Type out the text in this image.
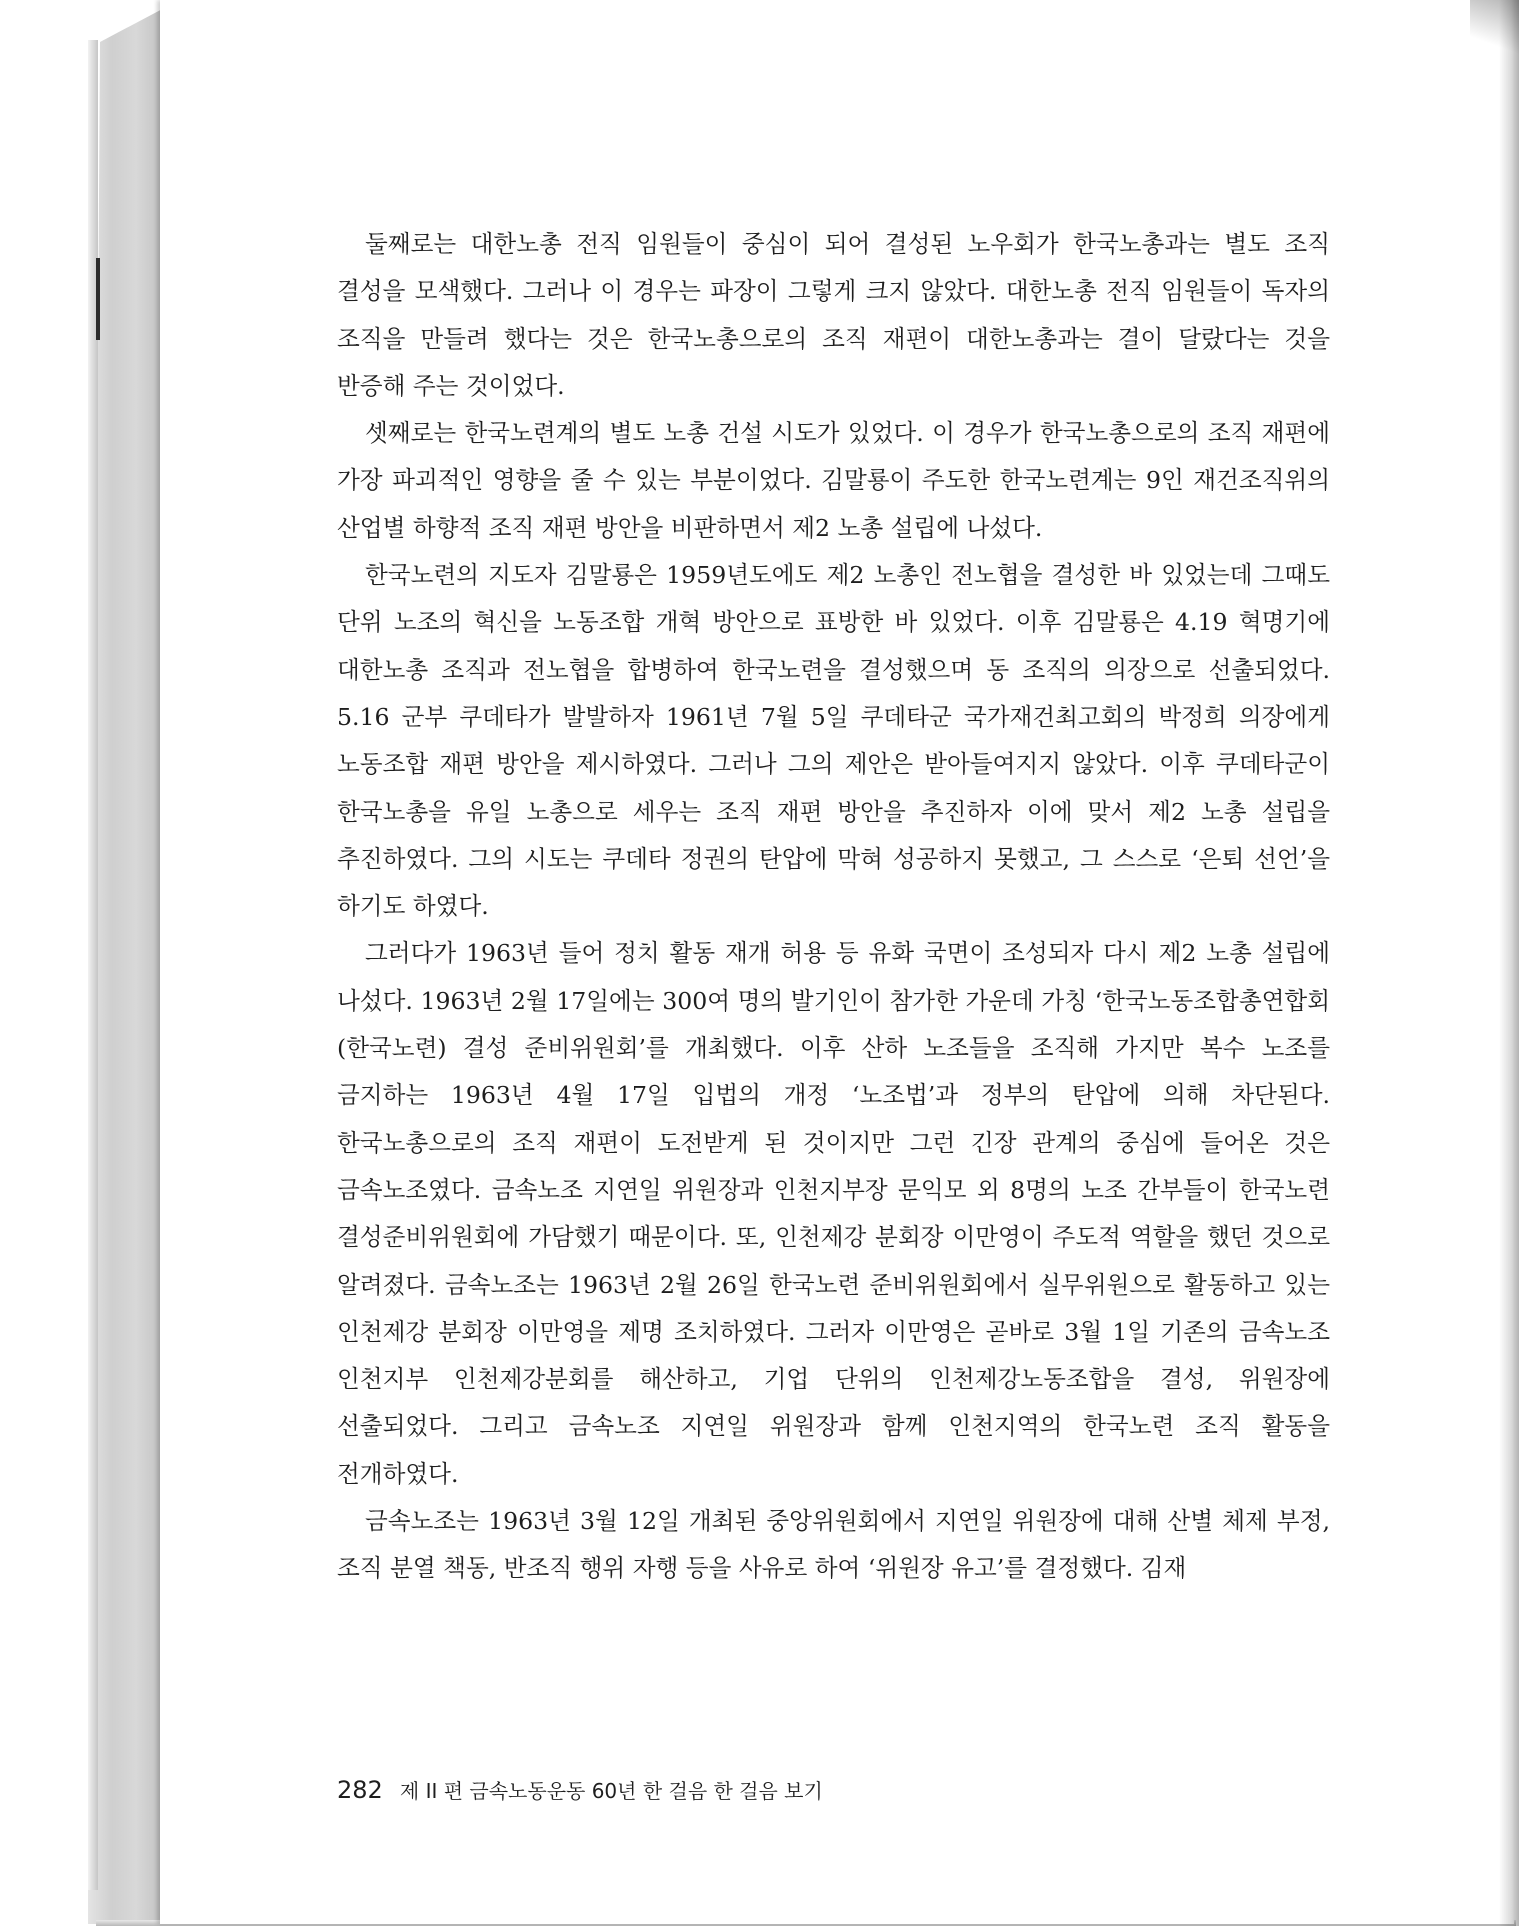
둘째로는 대한노총 전직 임원들이 중심이 되어 결성된 노우회가 한국노총과는 별도 조직 결성을 모색했다. 그러나 이 경우는 파장이 그렇게 크지 않았다. 대한노총 전직 임원들이 독자의 조직을 만들려 했다는 것은 한국노총으로의 조직 재편이 대한노총과는 결이 달랐다는 것을 반증해 주는 것이었다.

셋째로는 한국노련계의 별도 노총 건설 시도가 있었다. 이 경우가 한국노총으로의 조직 재편에 가장 파괴적인 영향을 줄 수 있는 부분이었다. 김말룡이 주도한 한국노련계는 9인 재건조직위의 산업별 하향적 조직 재편 방안을 비판하면서 제2 노총 설립에 나섰다.

한국노련의 지도자 김말룡은 1959년도에도 제2 노총인 전노협을 결성한 바 있었는데 그때도 단위 노조의 혁신을 노동조합 개혁 방안으로 표방한 바 있었다. 이후 김말룡은 4.19 혁명기에 대한노총 조직과 전노협을 합병하여 한국노련을 결성했으며 동 조직의 의장으로 선출되었다. 5.16 군부 쿠데타가 발발하자 1961년 7월 5일 쿠데타군 국가재건최고회의 박정희 의장에게 노동조합 재편 방안을 제시하였다. 그러나 그의 제안은 받아들여지지 않았다. 이후 쿠데타군이 한국노총을 유일 노총으로 세우는 조직 재편 방안을 추진하자 이에 맞서 제2 노총 설립을 추진하였다. 그의 시도는 쿠데타 정권의 탄압에 막혀 성공하지 못했고, 그 스스로 ‘은퇴 선언’을 하기도 하였다.

그러다가 1963년 들어 정치 활동 재개 허용 등 유화 국면이 조성되자 다시 제2 노총 설립에 나섰다. 1963년 2월 17일에는 300여 명의 발기인이 참가한 가운데 가칭 ‘한국노동조합총연합회(한국노련) 결성 준비위원회’를 개최했다. 이후 산하 노조들을 조직해 가지만 복수 노조를 금지하는 1963년 4월 17일 입법의 개정 ‘노조법’과 정부의 탄압에 의해 차단된다. 한국노총으로의 조직 재편이 도전받게 된 것이지만 그런 긴장 관계의 중심에 들어온 것은 금속노조였다. 금속노조 지연일 위원장과 인천지부장 문익모 외 8명의 노조 간부들이 한국노련 결성준비위원회에 가담했기 때문이다. 또, 인천제강 분회장 이만영이 주도적 역할을 했던 것으로 알려졌다. 금속노조는 1963년 2월 26일 한국노련 준비위원회에서 실무위원으로 활동하고 있는 인천제강 분회장 이만영을 제명 조치하였다. 그러자 이만영은 곧바로 3월 1일 기존의 금속노조 인천지부 인천제강분회를 해산하고, 기업 단위의 인천제강노동조합을 결성, 위원장에 선출되었다. 그리고 금속노조 지연일 위원장과 함께 인천지역의 한국노련 조직 활동을 전개하였다.

금속노조는 1963년 3월 12일 개최된 중앙위원회에서 지연일 위원장에 대해 산별 체제 부정, 조직 분열 책동, 반조직 행위 자행 등을 사유로 하여 ‘위원장 유고’를 결정했다. 김재

282 제 II 편 금속노동운동 60년 한 걸음 한 걸음 보기
